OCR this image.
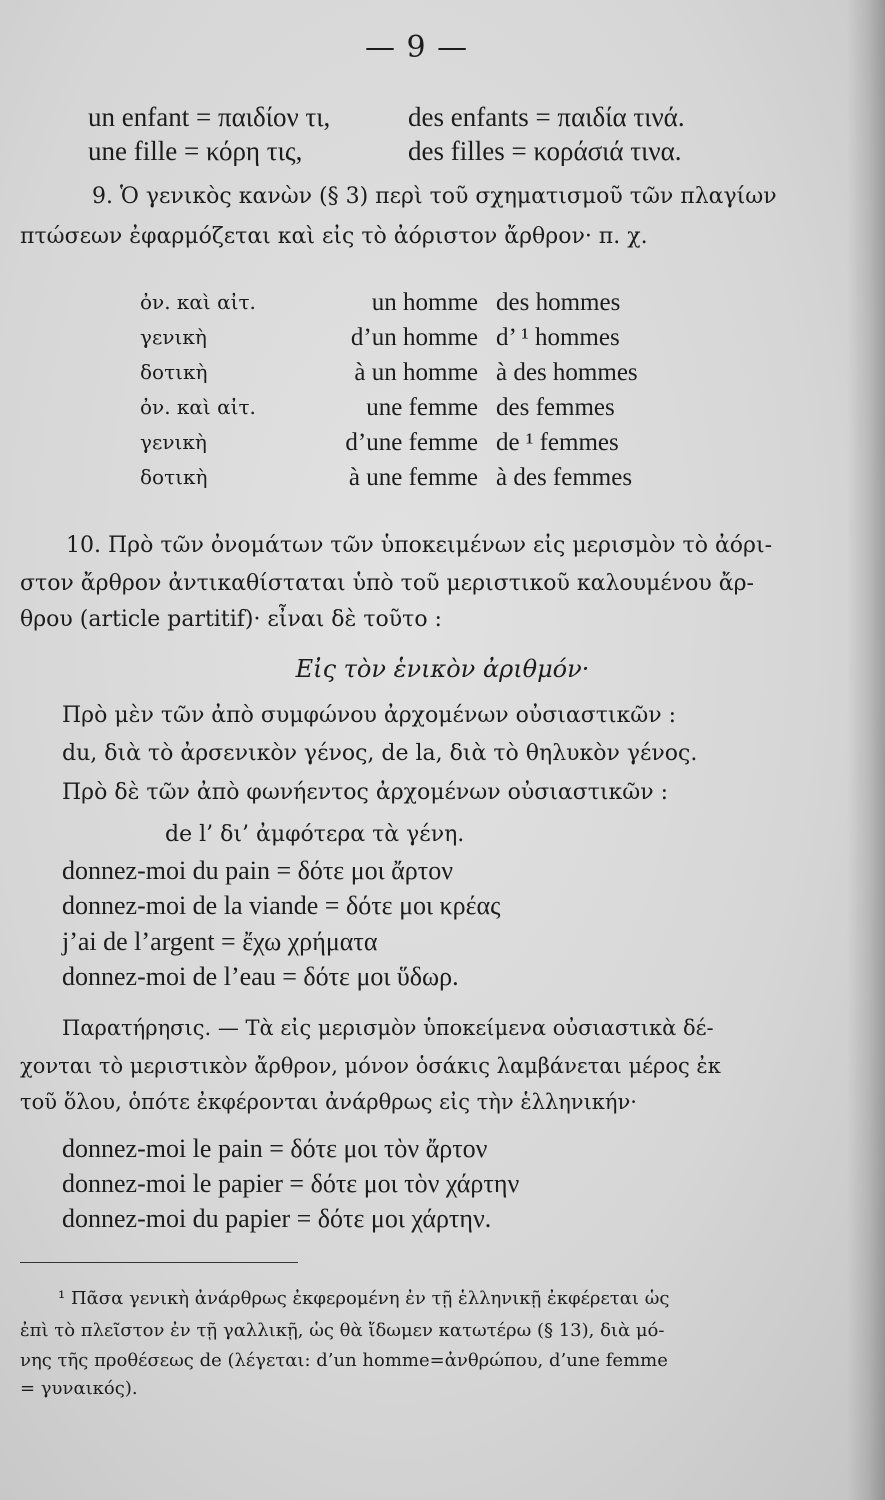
— 9 —
un enfant = παιδίον τι,	des enfants = παιδία τινά.
une fille = κόρη τις,	des filles = κοράσιά τινα.
9. Ὁ γενικὸς κανὼν (§ 3) περὶ τοῦ σχηματισμοῦ τῶν πλαγίων
πτώσεων ἐφαρμόζεται καὶ εἰς τὸ ἀόριστον ἄρθρον· π. χ.
ὀν. καὶ αἰτ.
γενικὴ
δοτικὴ
ὀν. καὶ αἰτ.
γενικὴ
δοτικὴ
un homme
d’un homme
à un homme
une femme
d’une femme
à une femme
des hommes
d’ ¹ hommes
à des hommes
des femmes
de ¹ femmes
à des femmes
10. Πρὸ τῶν ὀνομάτων τῶν ὑποκειμένων εἰς μερισμὸν τὸ ἀόρι-
στον ἄρθρον ἀντικαθίσταται ὑπὸ τοῦ μεριστικοῦ καλουμένου ἄρ-
θρου (article partitif)· εἶναι δὲ τοῦτο :
Εἰς τὸν ἑνικὸν ἀριθμόν·
Πρὸ μὲν τῶν ἀπὸ συμφώνου ἀρχομένων οὐσιαστικῶν :
du, διὰ τὸ ἀρσενικὸν γένος, de la, διὰ τὸ θηλυκὸν γένος.
Πρὸ δὲ τῶν ἀπὸ φωνήεντος ἀρχομένων οὐσιαστικῶν :
de l’ δι’ ἀμφότερα τὰ γένη.
donnez-moi du pain = δότε μοι ἄρτον
donnez-moi de la viande = δότε μοι κρέας
j’ai de l’argent = ἔχω χρήματα
donnez-moi de l’eau = δότε μοι ὕδωρ.
Παρατήρησις. — Τὰ εἰς μερισμὸν ὑποκείμενα οὐσιαστικὰ δέ-
χονται τὸ μεριστικὸν ἄρθρον, μόνον ὁσάκις λαμβάνεται μέρος ἐκ
τοῦ ὅλου, ὁπότε ἐκφέρονται ἀνάρθρως εἰς τὴν ἑλληνικήν·
donnez-moi le pain = δότε μοι τὸν ἄρτον
donnez-moi le papier = δότε μοι τὸν χάρτην
donnez-moi du papier = δότε μοι χάρτην.
¹ Πᾶσα γενικὴ ἀνάρθρως ἐκφερομένη ἐν τῇ ἑλληνικῇ ἐκφέρεται ὡς
ἐπὶ τὸ πλεῖστον ἐν τῇ γαλλικῇ, ὡς θὰ ἴδωμεν κατωτέρω (§ 13), διὰ μό-
νης τῆς προθέσεως de (λέγεται: d’un homme=ἀνθρώπου, d’une femme
= γυναικός).
